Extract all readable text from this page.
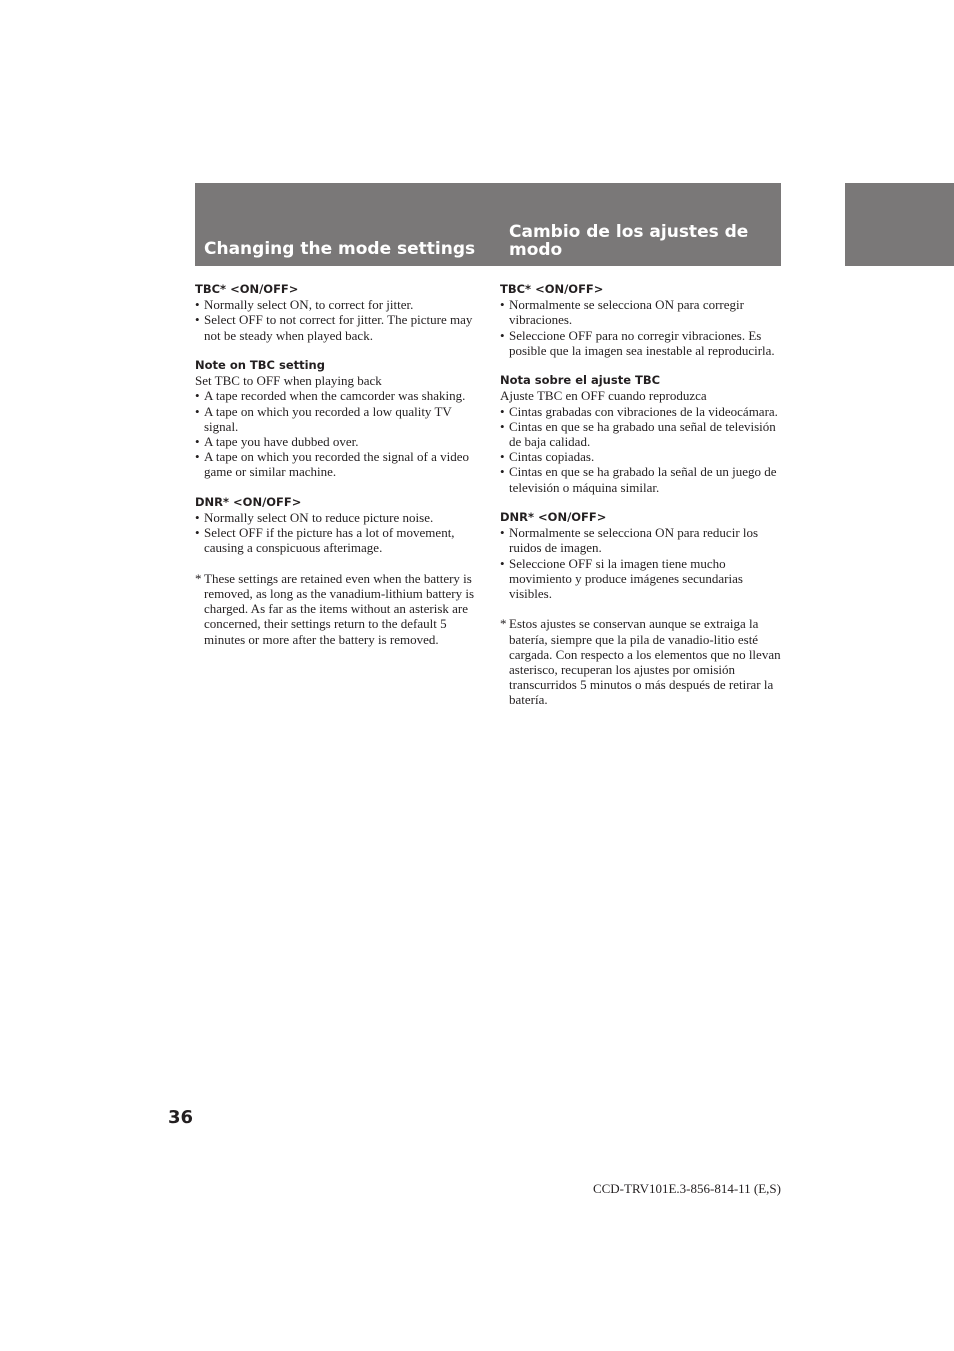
Changing the mode settings
Cambio de los ajustes de modo

TBC* <ON/OFF>

• Normally select ON, to correct for jitter.
• Select OFF to not correct for jitter. The picture may not be steady when played back.

Note on TBC setting

Set TBC to OFF when playing back

• A tape recorded when the camcorder was shaking.
• A tape on which you recorded a low quality TV signal.
• A tape you have dubbed over.
• A tape on which you recorded the signal of a video game or similar machine.

DNR* <ON/OFF>

• Normally select ON to reduce picture noise.
• Select OFF if the picture has a lot of movement, causing a conspicuous afterimage.

* These settings are retained even when the battery is removed, as long as the vanadium-lithium battery is charged. As far as the items without an asterisk are concerned, their settings return to the default 5 minutes or more after the battery is removed.

TBC* <ON/OFF>

• Normalmente se selecciona ON para corregir vibraciones.
• Seleccione OFF para no corregir vibraciones. Es posible que la imagen sea inestable al reproducirla.

Nota sobre el ajuste TBC

Ajuste TBC en OFF cuando reproduzca

• Cintas grabadas con vibraciones de la videocámara.
• Cintas en que se ha grabado una señal de televisión de baja calidad.
• Cintas copiadas.
• Cintas en que se ha grabado la señal de un juego de televisión o máquina similar.

DNR* <ON/OFF>

• Normalmente se selecciona ON para reducir los ruidos de imagen.
• Seleccione OFF si la imagen tiene mucho movimiento y produce imágenes secundarias visibles.

* Estos ajustes se conservan aunque se extraiga la batería, siempre que la pila de vanadio-litio esté cargada. Con respecto a los elementos que no llevan asterisco, recuperan los ajustes por omisión transcurridos 5 minutos o más después de retirar la batería.

36
CCD-TRV101E.3-856-814-11 (E,S)
